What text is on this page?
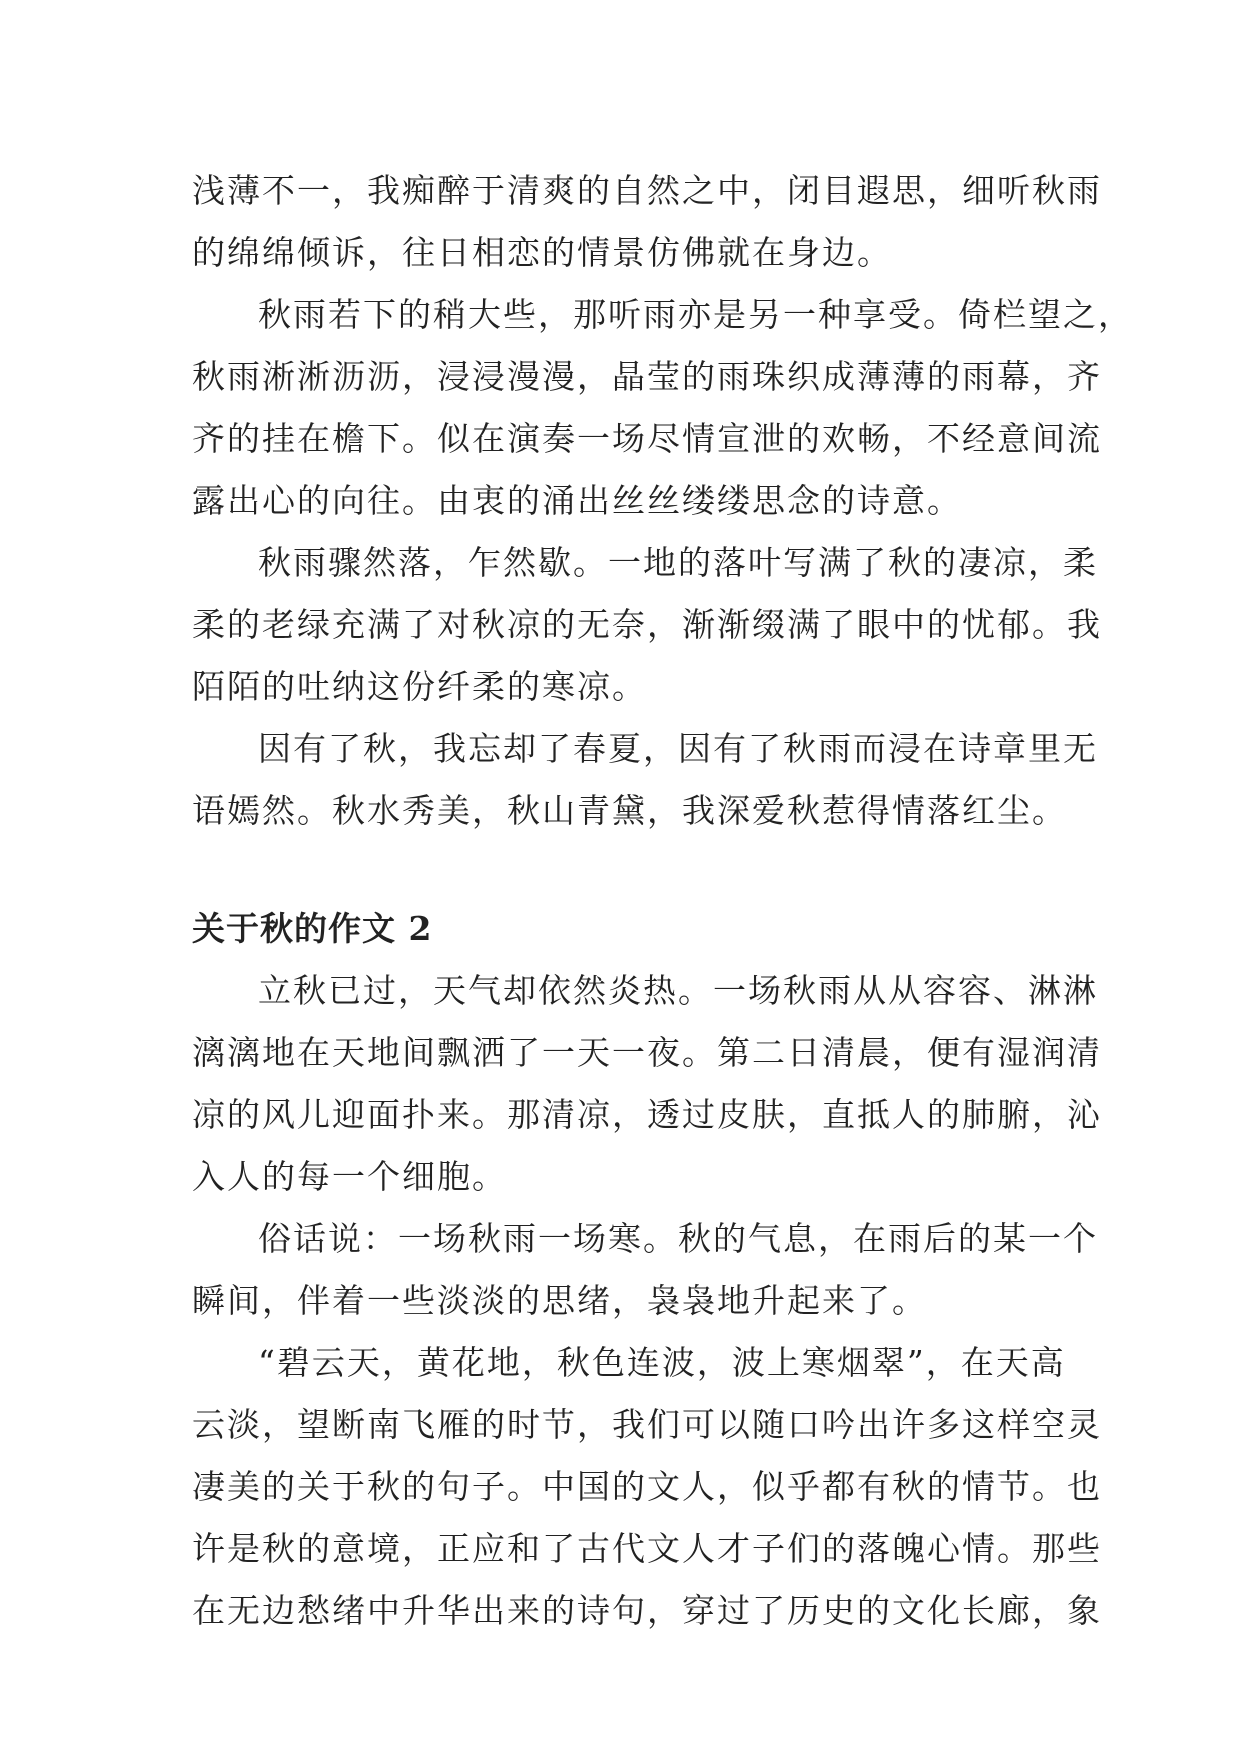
浅薄不一，我痴醉于清爽的自然之中，闭目遐思，细听秋雨
的绵绵倾诉，往日相恋的情景仿佛就在身边。

秋雨若下的稍大些，那听雨亦是另一种享受。倚栏望之，
秋雨淅淅沥沥，浸浸漫漫，晶莹的雨珠织成薄薄的雨幕，齐
齐的挂在檐下。似在演奏一场尽情宣泄的欢畅，不经意间流
露出心的向往。由衷的涌出丝丝缕缕思念的诗意。

秋雨骤然落，乍然歇。一地的落叶写满了秋的凄凉，柔
柔的老绿充满了对秋凉的无奈，渐渐缀满了眼中的忧郁。我
陌陌的吐纳这份纤柔的寒凉。

因有了秋，我忘却了春夏，因有了秋雨而浸在诗章里无
语嫣然。秋水秀美，秋山青黛，我深爱秋惹得情落红尘。

关于秋的作文 2

立秋已过，天气却依然炎热。一场秋雨从从容容、淋淋
漓漓地在天地间飘洒了一天一夜。第二日清晨，便有湿润清
凉的风儿迎面扑来。那清凉，透过皮肤，直抵人的肺腑，沁
入人的每一个细胞。

俗话说：一场秋雨一场寒。秋的气息，在雨后的某一个
瞬间，伴着一些淡淡的思绪，袅袅地升起来了。

“碧云天，黄花地，秋色连波，波上寒烟翠”，在天高
云淡，望断南飞雁的时节，我们可以随口吟出许多这样空灵
凄美的关于秋的句子。中国的文人，似乎都有秋的情节。也
许是秋的意境，正应和了古代文人才子们的落魄心情。那些
在无边愁绪中升华出来的诗句，穿过了历史的文化长廊，象
